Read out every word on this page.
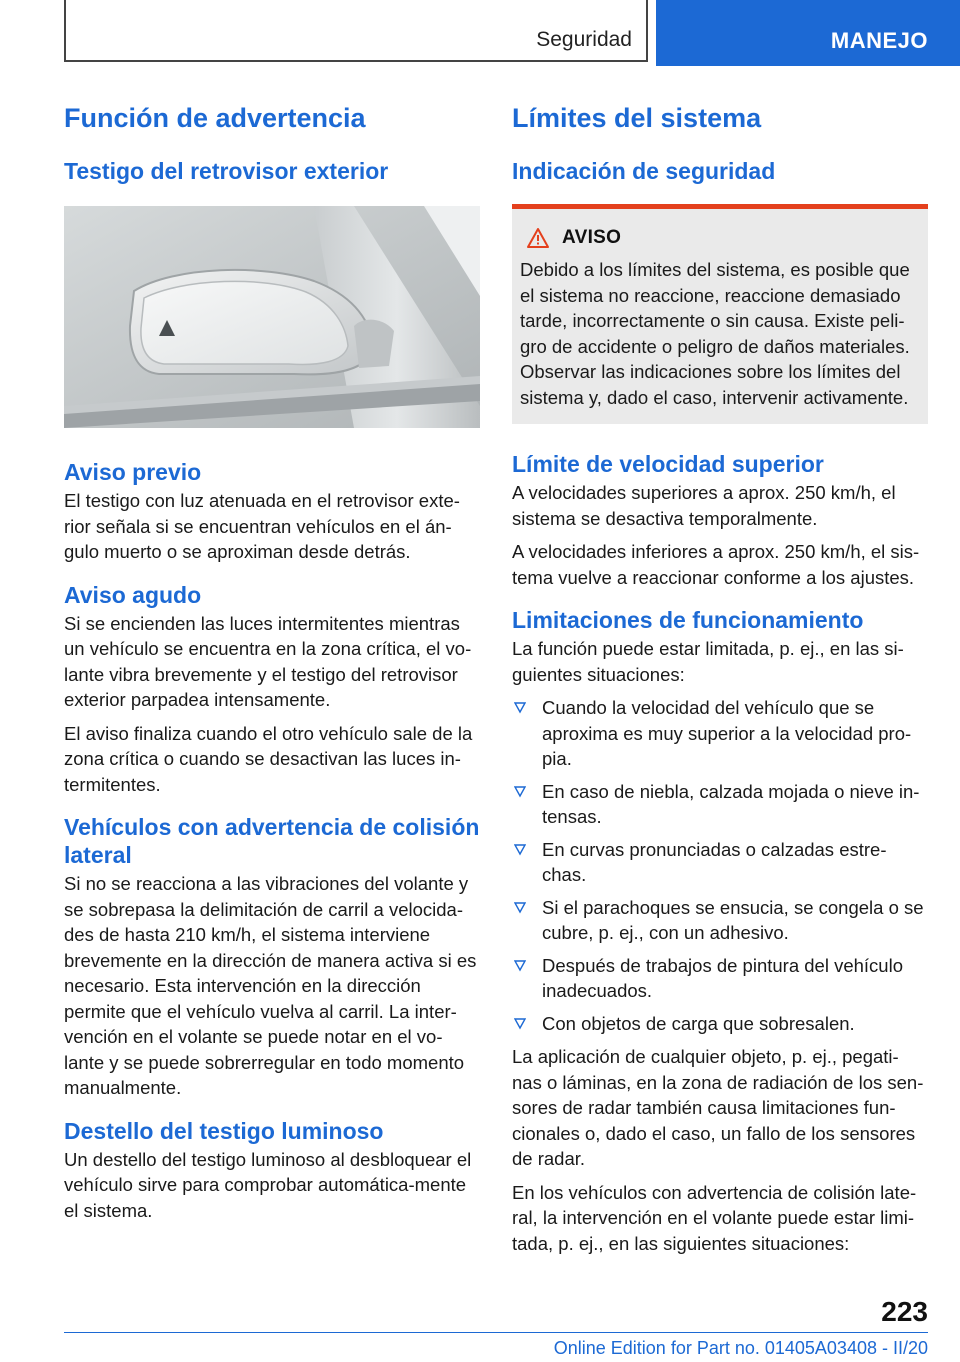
Seguridad	MANEJO
Función de advertencia
Testigo del retrovisor exterior
Aviso previo

El testigo con luz atenuada en el retrovisor exte-rior señala si se encuentran vehículos en el án-gulo muerto o se aproximan desde detrás.

Aviso agudo

Si se encienden las luces intermitentes mientras un vehículo se encuentra en la zona crítica, el vo-lante vibra brevemente y el testigo del retrovisor exterior parpadea intensamente.

El aviso finaliza cuando el otro vehículo sale de la zona crítica o cuando se desactivan las luces in-termitentes.

Vehículos con advertencia de colisión lateral

Si no se reacciona a las vibraciones del volante y se sobrepasa la delimitación de carril a velocida-des de hasta 210 km/h, el sistema interviene brevemente en la dirección de manera activa si es necesario. Esta intervención en la dirección permite que el vehículo vuelva al carril. La inter-vención en el volante se puede notar en el vo-lante y se puede sobrerregular en todo momento manualmente.

Destello del testigo luminoso

Un destello del testigo luminoso al desbloquear el vehículo sirve para comprobar automática-mente el sistema.

Límites del sistema
Indicación de seguridad
AVISO

Debido a los límites del sistema, es posible que el sistema no reaccione, reaccione demasiado tarde, incorrectamente o sin causa. Existe peli-gro de accidente o peligro de daños materiales. Observar las indicaciones sobre los límites del sistema y, dado el caso, intervenir activamente.

Límite de velocidad superior

A velocidades superiores a aprox. 250 km/h, el sistema se desactiva temporalmente.

A velocidades inferiores a aprox. 250 km/h, el sis-tema vuelve a reaccionar conforme a los ajustes.

Limitaciones de funcionamiento

La función puede estar limitada, p. ej., en las si-guientes situaciones:

Cuando la velocidad del vehículo que se aproxima es muy superior a la velocidad pro-pia.
En caso de niebla, calzada mojada o nieve in-tensas.
En curvas pronunciadas o calzadas estre-chas.
Si el parachoques se ensucia, se congela o se cubre, p. ej., con un adhesivo.
Después de trabajos de pintura del vehículo inadecuados.
Con objetos de carga que sobresalen.

La aplicación de cualquier objeto, p. ej., pegati-nas o láminas, en la zona de radiación de los sen-sores de radar también causa limitaciones fun-cionales o, dado el caso, un fallo de los sensores de radar.

En los vehículos con advertencia de colisión late-ral, la intervención en el volante puede estar limi-tada, p. ej., en las siguientes situaciones:

223
Online Edition for Part no. 01405A03408 - II/20
